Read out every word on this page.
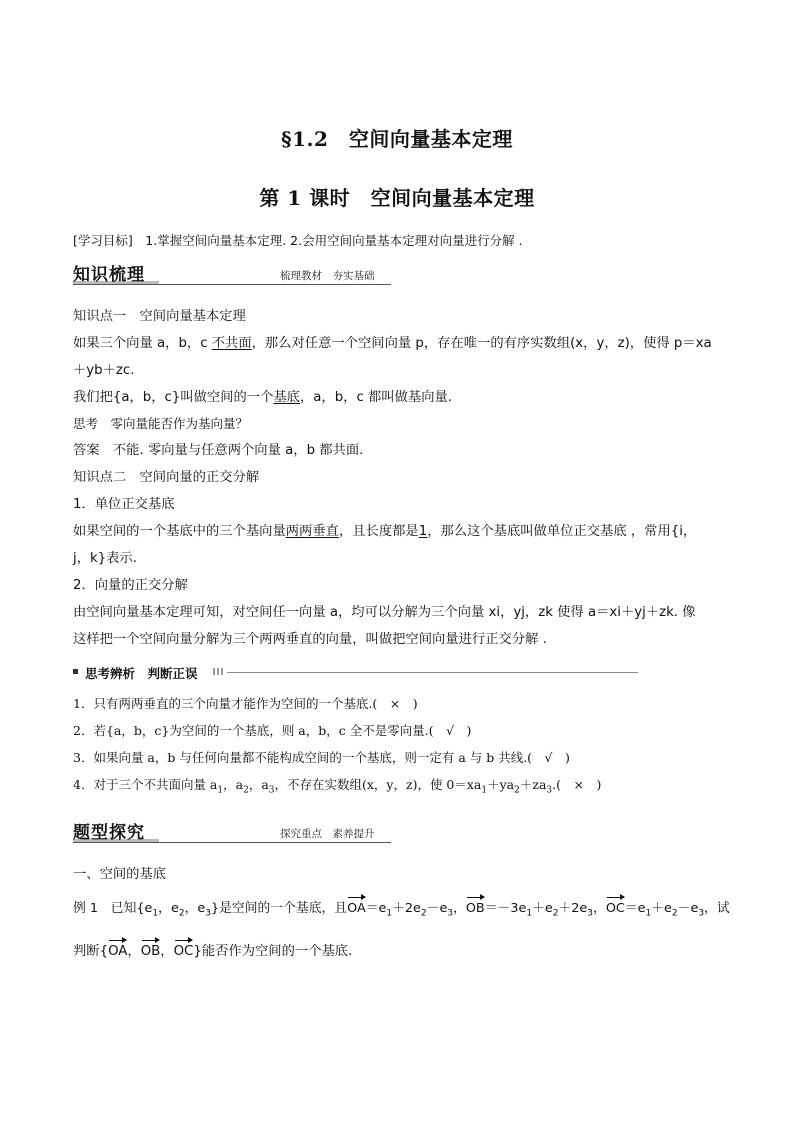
§1.2　空间向量基本定理
第 1 课时　空间向量基本定理
[学习目标]　1.掌握空间向量基本定理. 2.会用空间向量基本定理对向量进行分解 .
知识梳理	梳理教材　夯实基础
知识点一　空间向量基本定理
如果三个向量 a，b，c 不共面，那么对任意一个空间向量 p，存在唯一的有序实数组(x，y，z)，使得 p＝xa
＋yb＋zc.
我们把{a，b，c}叫做空间的一个基底，a，b，c 都叫做基向量.
思考　零向量能否作为基向量？
答案　不能. 零向量与任意两个向量 a，b 都共面.
知识点二　空间向量的正交分解
1．单位正交基底
如果空间的一个基底中的三个基向量两两垂直，且长度都是1，那么这个基底叫做单位正交基底 ，常用{i，
j，k}表示.
2．向量的正交分解
由空间向量基本定理可知，对空间任一向量 a，均可以分解为三个向量 xi，yj，zk 使得 a＝xi＋yj＋zk. 像
这样把一个空间向量分解为三个两两垂直的向量，叫做把空间向量进行正交分解 .
思考辨析　判断正误
1．只有两两垂直的三个向量才能作为空间的一个基底.(　×　)
2．若{a，b，c}为空间的一个基底，则 a，b，c 全不是零向量.(　√　)
3．如果向量 a，b 与任何向量都不能构成空间的一个基底，则一定有 a 与 b 共线.(　√　)
4．对于三个不共面向量 $a_1$，$a_2$，$a_3$，不存在实数组(x，y，z)，使 $0=xa_1+ya_2+za_3$.(　×　)
题型探究	探究重点　素养提升
一、空间的基底
例 1　已知{$e_1$，$e_2$，$e_3$}是空间的一个基底，且$OA=e_1+2e_2-e_3$，$OB=-3e_1+e_2+2e_3$，$OC=e_1+e_2-e_3$，试
判断{OA，OB，OC}能否作为空间的一个基底.
